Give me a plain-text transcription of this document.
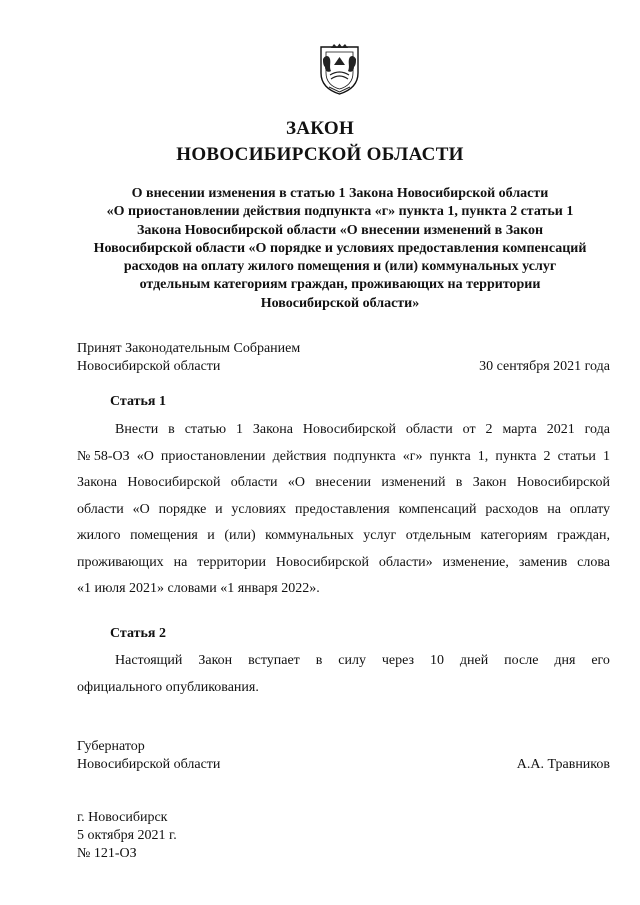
ЗАКОН
НОВОСИБИРСКОЙ ОБЛАСТИ
О внесении изменения в статью 1 Закона Новосибирской области
«О приостановлении действия подпункта «г» пункта 1, пункта 2 статьи 1
Закона Новосибирской области «О внесении изменений в Закон
Новосибирской области «О порядке и условиях предоставления компенсаций
расходов на оплату жилого помещения и (или) коммунальных услуг
отдельным категориям граждан, проживающих на территории
Новосибирской области»
Принят Законодательным Собранием
Новосибирской области	30 сентября 2021 года
Статья 1
Внести в статью 1 Закона Новосибирской области от 2 марта 2021 года
№ 58-ОЗ «О приостановлении действия подпункта «г» пункта 1, пункта 2 статьи 1
Закона Новосибирской области «О внесении изменений в Закон Новосибирской
области «О порядке и условиях предоставления компенсаций расходов на оплату
жилого помещения и (или) коммунальных услуг отдельным категориям граждан,
проживающих на территории Новосибирской области» изменение, заменив слова
«1 июля 2021» словами «1 января 2022».
Статья 2
Настоящий Закон вступает в силу через 10 дней после дня его
официального опубликования.
Губернатор
Новосибирской области	А.А. Травников
г. Новосибирск
5 октября 2021 г.
№ 121-ОЗ
